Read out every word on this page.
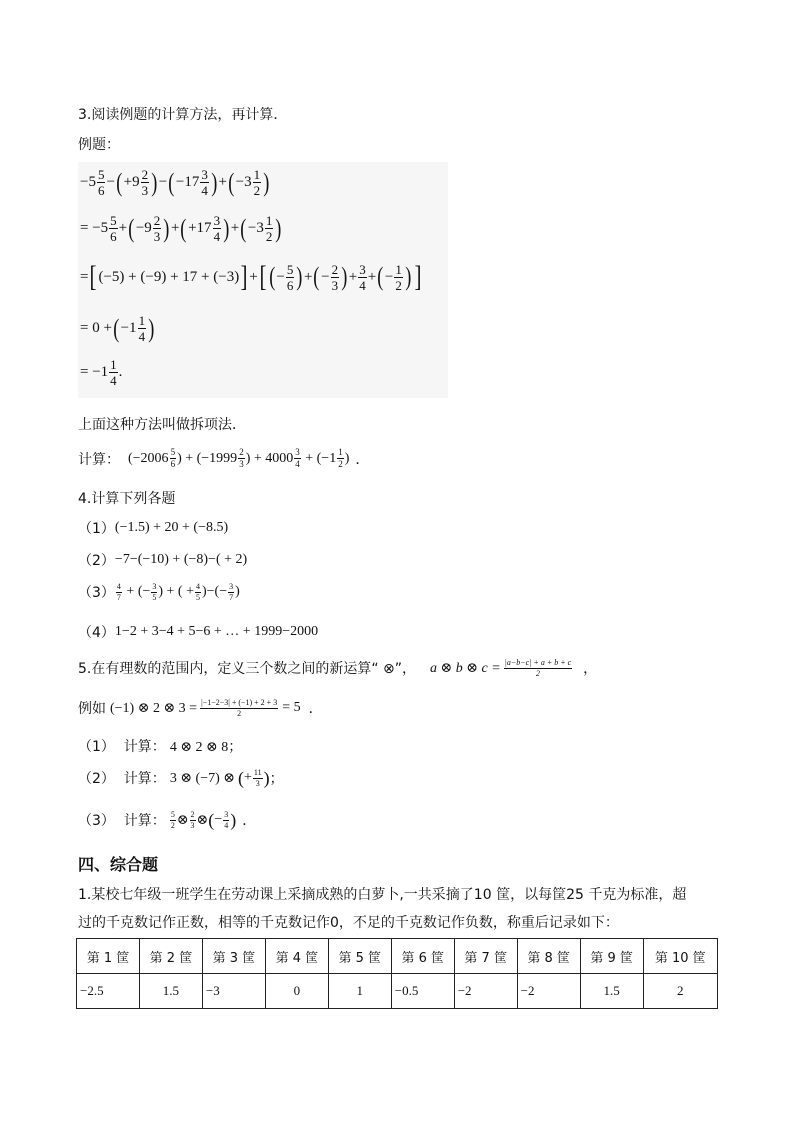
3.阅读例题的计算方法，再计算．
例题：
$-5 \frac{5}{6}$ − ( $+9 \frac{2}{3}$ ) − ( $-17 \frac{3}{4}$ ) + ( $-3 \frac{1}{2}$ )
= $-5 \frac{5}{6}$ + ( $-9 \frac{2}{3}$ ) + ( $+17 \frac{3}{4}$ ) + ( $-3 \frac{1}{2}$ )
= [ (−5) + (−9) + 17 + (−3) ] + [ ( − $\frac{5}{6}$ ) + ( − $\frac{2}{3}$ ) + $\frac{3}{4}$ + ( − $\frac{1}{2}$ ) ]
= 0 + ( $-1 \frac{1}{4}$ )
= $-1 \frac{1}{4}$ .
上面这种方法叫做拆项法．
计算： ($-2006 \frac{5}{6}$ ) + ($-1999 \frac{2}{3}$ ) + $4000 \frac{3}{4} + (-1 \frac{1}{2}$ ) ．
4.计算下列各题
（1） (−1.5) + 20 + (−8.5)
（2） −7−(−10) + (−8)−( + 2)
$(3) \frac{4}{7}$ + (− $\frac{3}{5}$ ) + ( + $\frac{4}{5}$ )−(− $\frac{3}{7}$ )
（4） 1−2 + 3−4 + 5−6 + … + 1999−2000
5.在有理数的范围内，定义三个数之间的新运算“ ⊗”， a ⊗ b ⊗ $c = \frac{|a-b-c| + a + b + c}{2}$ ，
例如 (−1) ⊗ 2 ⊗ $3 = \frac{|-1-2-3| + (-1) + 2 + 3}{2} = 5$ ．
（1）  计算： 4 ⊗ 2 ⊗ 8；
（2）  计算： 3 ⊗ (−7) ⊗ ( + $\frac{11}{3}$ ) ；
（3）  计算： $\frac{5}{2}$ ⊗ $\frac{2}{3}$ ⊗ ( − $\frac{3}{4}$ ) ．
四、综合题
1.某校七年级一班学生在劳动课上采摘成熟的白萝卜,一共采摘了10 筐，以每筐25 千克为标准，超
过的千克数记作正数，相等的千克数记作0，不足的千克数记作负数，称重后记录如下：
第 1 筐	第 2 筐	第 3 筐	第 4 筐	第 5 筐	第 6 筐	第 7 筐	第 8 筐	第 9 筐	第 10 筐
−2.5	1.5	−3	0	1	−0.5	−2	−2	1.5	2
